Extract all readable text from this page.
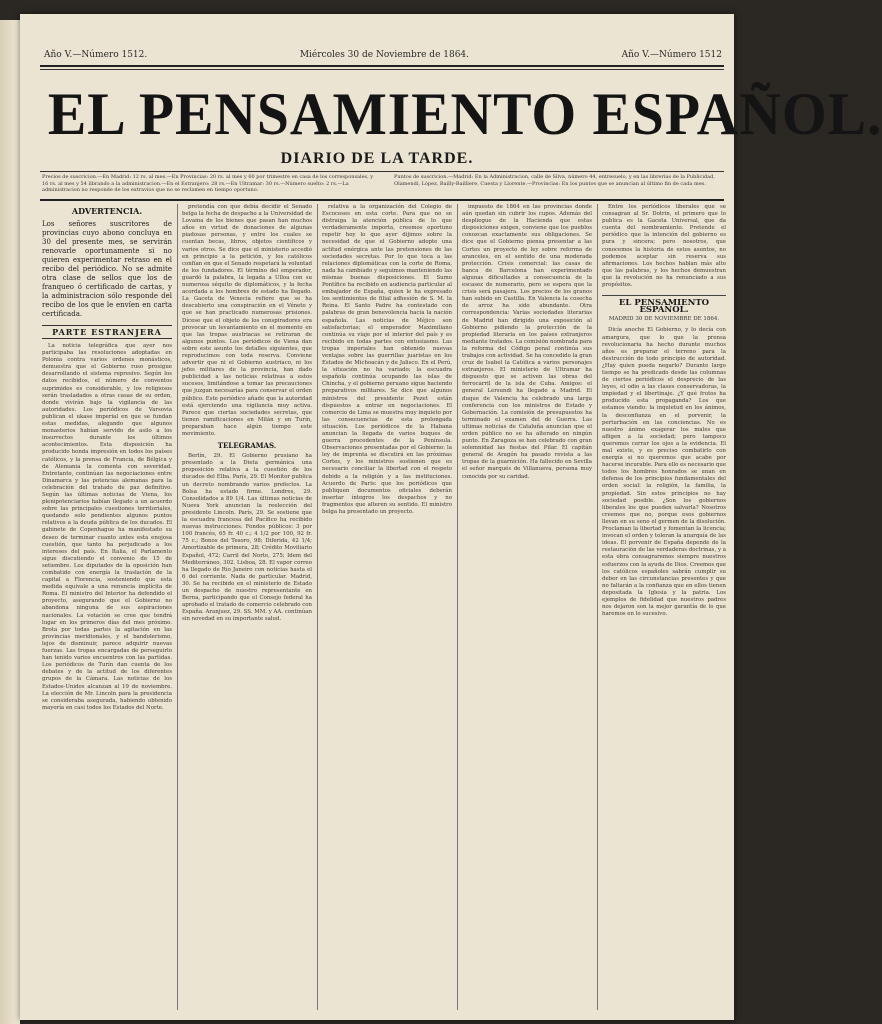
Año V.—Número 1512.	Miércoles 30 de Noviembre de 1864.	Año V.—Número 1512
EL PENSAMIENTO ESPAÑOL.
DIARIO DE LA TARDE.
Precios de suscricion.—En Madrid: 12 rs. al mes.—En Provincias: 20 rs. al mes y 60 por trimestre en casa de los corresponsales, y 16 rs. al mes y 54 librando a la administracion.—En el Estranjero: 28 rs.—En Ultramar: 30 rs.—Número suelto: 2 rs.—La administracion no responde de los extravíos que no se reclamen en tiempo oportuno.
Puntos de suscricion.—Madrid: En la Administracion, calle de Silva, número 44, entresuelo, y en las librerías de la Publicidad, Olamendi, López, Bailly-Bailliere, Cuesta y Llorente.—Provincias: En los puntos que se anuncian al último fin de cada mes.
ADVERTENCIA.
Los señores suscritores de provincias cuyo abono concluya en 30 del presente mes, se servirán renovarle oportunamente si no quieren experimentar retraso en el recibo del periódico. No se admite otra clase de sellos que los de franqueo ó certificado de cartas, y la administracion sólo responde del recibo de los que le envíen en carta certificada.
PARTE ESTRANJERA

La noticia telegráfica que ayer nos participaba las resoluciones adoptadas en Polonia contra varios ordenes monásticos, demuestra que el Gobierno ruso prosigue desarrollando el sistema represivo. Según los datos recibidos, el número de conventos suprimidos es considerable, y los religiosos serán trasladados a otras casas de su orden, donde vivirán bajo la vigilancia de las autoridades. Los periódicos de Varsovia publican el ukase imperial en que se fundan estas medidas, alegando que algunos monasterios habían servido de asilo a los insurrectos durante los últimos acontecimientos. Esta disposición ha producido honda impresión en todos los países católicos, y la prensa de Francia, de Bélgica y de Alemania la comenta con severidad. Entretanto, continúan las negociaciones entre Dinamarca y las potencias alemanas para la celebración del tratado de paz definitivo. Según las últimas noticias de Viena, los plenipotenciarios habían llegado a un acuerdo sobre las principales cuestiones territoriales, quedando solo pendientes algunos puntos relativos a la deuda pública de los ducados. El gabinete de Copenhague ha manifestado su deseo de terminar cuanto antes esta enojosa cuestión, que tanto ha perjudicado a los intereses del país. En Italia, el Parlamento sigue discutiendo el convenio de 15 de setiembre. Los diputados de la oposición han combatido con energía la traslación de la capital a Florencia, sosteniendo que esta medida equivale a una renuncia implícita de Roma. El ministro del Interior ha defendido el proyecto, asegurando que el Gobierno no abandona ninguna de sus aspiraciones nacionales. La votación se cree que tendrá lugar en los primeros días del mes próximo. Brota por todas partes la agitación en las provincias meridionales, y el bandolerismo, lejos de disminuir, parece adquirir nuevas fuerzas. Las tropas encargadas de perseguirlo han tenido varios encuentros con las partidas. Los periódicos de Turín dan cuenta de los debates y de la actitud de los diferentes grupos de la Cámara. Las noticias de los Estados-Unidos alcanzan al 19 de noviembre. La elección de Mr. Lincoln para la presidencia se consideraba asegurada, habiendo obtenido mayoría en casi todos los Estados del Norte.

pretendía con que debía decidir el Senado belga la fecha de despacho a la Universidad de Lovaina de los bienes que pasan han muchos años en virtud de donaciones de algunas piadosas personas, y entre los cuales se cuentan becas, libros, objetos científicos y varios otros. Se dice que el ministerio accedió en principio a la petición, y los católicos confían en que el Senado respetará la voluntad de los fundadores. El término del emperador, guardó la palabra, la legada a Ulloa con su numerosa séquito de diplomáticos, y la fecha acordada a los hombres de estado ha llegado. La Gaceta de Venecia refiere que se ha descubierto una conspiración en el Véneto y que se han practicado numerosas prisiones. Dícese que el objeto de los conspiradores era provocar un levantamiento en el momento en que las tropas austriacas se retiraran de algunos puntos. Los periódicos de Viena dan sobre este asunto los detalles siguientes, que reproducimos con toda reserva. Conviene advertir que ni el Gobierno austriaco, ni los jefes militares de la provincia, han dado publicidad a las noticias relativas a estos sucesos, limitándose a tomar las precauciones que juzgan necesarias para conservar el orden público. Este periódico añade que la autoridad está ejerciendo una vigilancia muy activa. Parece que ciertas sociedades secretas, que tienen ramificaciones en Milán y en Turín, preparaban hace algún tiempo este movimiento.

TELEGRAMAS.

Berlín, 29. El Gobierno prusiano ha presentado a la Dieta germánica una proposición relativa a la cuestión de los ducados del Elba. París, 29. El Monitor publica un decreto nombrando varios prefectos. La Bolsa ha estado firme. Londres, 29. Consolidados a 89 1/4. Las últimas noticias de Nueva York anuncian la reelección del presidente Lincoln. París, 29. Se sostiene que la escuadra francesa del Pacífico ha recibido nuevas instrucciones. Fondos públicos: 3 por 100 francés, 65 fr. 40 c.; 4 1/2 por 100, 92 fr. 75 c.; Bonos del Tesoro, 98; Diferida, 42 1/4; Amortizable de primera, 28; Crédito Moviliario Español, 472; Carril del Norte, 275; Idem del Mediterráneo, 302. Lisboa, 28. El vapor correo ha llegado de Río Janeiro con noticias hasta el 6 del corriente. Nada de particular. Madrid, 30. Se ha recibido en el ministerio de Estado un despacho de nuestro representante en Berna, participando que el Consejo federal ha aprobado el tratado de comercio celebrado con España. Aranjuez, 29. SS. MM. y AA. continúan sin novedad en su importante salud.

relativa a la organización del Colegio de Escoceses en esta corte. Para que no se distraiga la atención pública de lo que verdaderamente importa, creemos oportuno repetir hoy lo que ayer dijimos sobre la necesidad de que el Gobierno adopte una actitud enérgica ante las pretensiones de las sociedades secretas. Por lo que toca a las relaciones diplomáticas con la corte de Roma, nada ha cambiado y seguimos manteniendo las mismas buenas disposiciones. El Sumo Pontífice ha recibido en audiencia particular al embajador de España, quien le ha expresado los sentimientos de filial adhesión de S. M. la Reina. El Santo Padre ha contestado con palabras de gran benevolencia hacia la nación española. Las noticias de Méjico son satisfactorias; el emperador Maximiliano continúa su viaje por el interior del país y es recibido en todas partes con entusiasmo. Las tropas imperiales han obtenido nuevas ventajas sobre las guerrillas juaristas en los Estados de Michoacán y de Jalisco. En el Perú, la situación no ha variado; la escuadra española continúa ocupando las islas de Chincha, y el gobierno peruano sigue haciendo preparativos militares. Se dice que algunos ministros del presidente Pezet están dispuestos a entrar en negociaciones. El comercio de Lima se muestra muy inquieto por las consecuencias de esta prolongada situación. Los periódicos de la Habana anuncian la llegada de varios buques de guerra procedentes de la Península. Observaciones presentadas por el Gobierno: la ley de imprenta se discutirá en las próximas Cortes, y los ministros sostienen que es necesario conciliar la libertad con el respeto debido a la religión y a las instituciones. Acuerdo de Paris: que los periódicos que publiquen documentos oficiales deberán insertar íntegros los despachos y no fragmentos que alteren su sentido. El ministro belga ha presentado un proyecto.

impuesto de 1864 en las provincias donde aún quedan sin cubrir los cupos. Además del despliegue de la Hacienda que estas disposiciones exigen, conviene que los pueblos conozcan exactamente sus obligaciones. Se dice que el Gobierno piensa presentar a las Cortes un proyecto de ley sobre reforma de aranceles, en el sentido de una moderada protección. Crisis comercial: las casas de banca de Barcelona han experimentado algunas dificultades a consecuencia de la escasez de numerario, pero se espera que la crisis será pasajera. Los precios de los granos han subido en Castilla. En Valencia la cosecha de arroz ha sido abundante. Otra correspondencia: Varias sociedades literarias de Madrid han dirigido una exposición al Gobierno pidiendo la protección de la propiedad literaria en los países extranjeros mediante tratados. La comisión nombrada para la reforma del Código penal continúa sus trabajos con actividad. Se ha concedido la gran cruz de Isabel la Católica a varios personajes extranjeros. El ministerio de Ultramar ha dispuesto que se activen las obras del ferrocarril de la isla de Cuba. Amigos: el general Lersundi ha llegado a Madrid. El duque de Valencia ha celebrado una larga conferencia con los ministros de Estado y Gobernación. La comisión de presupuestos ha terminado el examen del de Guerra. Las ultimas noticias de Cataluña anuncian que el orden público no se ha alterado en ningún punto. En Zaragoza se han celebrado con gran solemnidad las fiestas del Pilar. El capitán general de Aragón ha pasado revista a las tropas de la guarnición. Ha fallecido en Sevilla el señor marqués de Villanueva, persona muy conocida por su caridad.

Entre los periódicos liberales que se consagran al Sr. Dotrin, el primero que lo publica es la Gaceta Universal, que da cuenta del nombramiento. Pretende el periódico que la intención del gobierno es pura y sincera; pero nosotros, que conocemos la historia de estos asuntos, no podemos aceptar sin reserva sus afirmaciones. Los hechos hablan más alto que las palabras, y los hechos demuestran que la revolución no ha renunciado a sus propósitos.

EL PENSAMIENTO ESPAÑOL.
MADRID 30 DE NOVIEMBRE DE 1864.

Dicía anoche El Gobierno, y lo decía con amargura, que lo que la prensa revolucionaria ha hecho durante muchos años es preparar el terreno para la destrucción de todo principio de autoridad. ¿Hay quien pueda negarlo? Durante largo tiempo se ha predicado desde las columnas de ciertos periódicos el desprecio de las leyes, el odio a las clases conservadoras, la impiedad y el libertinaje. ¿Y qué frutos ha producido esta propaganda? Los que estamos viendo: la inquietud en los ánimos, la desconfianza en el porvenir, la perturbación en las conciencias. No es nuestro ánimo exagerar los males que afligen a la sociedad; pero tampoco queremos cerrar los ojos a la evidencia. El mal existe, y es preciso combatirlo con energía si no queremos que acabe por hacerse incurable. Para ello es necesario que todos los hombres honrados se unan en defensa de los principios fundamentales del orden social: la religión, la familia, la propiedad. Sin estos principios no hay sociedad posible. ¿Son los gobiernos liberales los que pueden salvarla? Nosotros creemos que no, porque esos gobiernos llevan en su seno el germen de la disolución. Proclaman la libertad y fomentan la licencia; invocan el orden y toleran la anarquía de las ideas. El porvenir de España depende de la restauración de las verdaderas doctrinas, y a esta obra consagraremos siempre nuestros esfuerzos con la ayuda de Dios. Creemos que los católicos españoles sabrán cumplir su deber en las circunstancias presentes y que no faltarán a la confianza que en ellos tienen depositada la Iglesia y la patria. Los ejemplos de fidelidad que nuestros padres nos dejaron son la mejor garantía de lo que haremos en lo sucesivo.
